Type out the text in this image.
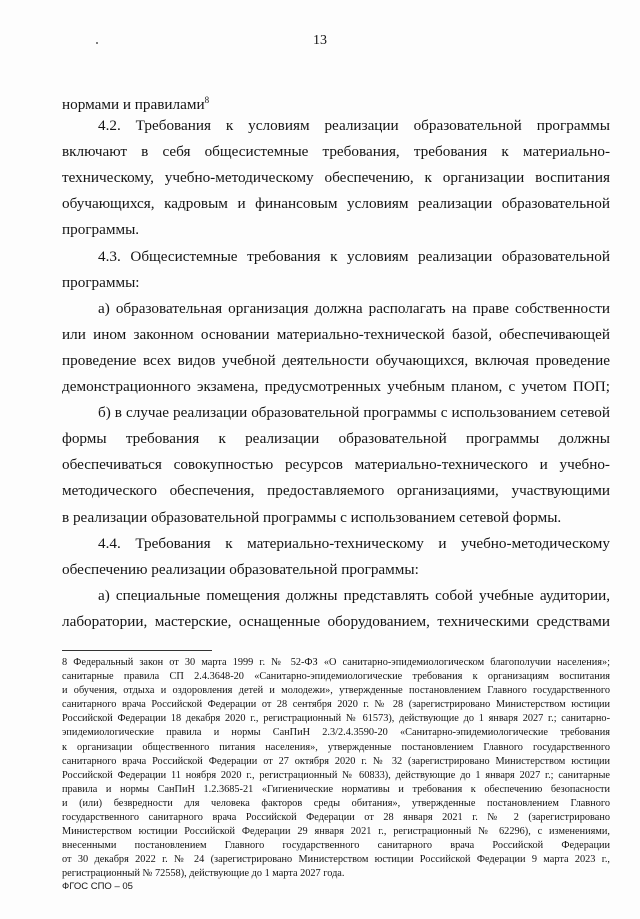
13
нормами и правилами$^8$
4.2. Требования к условиям реализации образовательной программы
включают в себя общесистемные требования, требования к материально-
техническому, учебно-методическому обеспечению, к организации воспитания
обучающихся, кадровым и финансовым условиям реализации образовательной
программы.
4.3. Общесистемные требования к условиям реализации образовательной
программы:
а) образовательная организация должна располагать на праве собственности
или ином законном основании материально-технической базой, обеспечивающей
проведение всех видов учебной деятельности обучающихся, включая проведение
демонстрационного экзамена, предусмотренных учебным планом, с учетом ПОП;
б) в случае реализации образовательной программы с использованием сетевой
формы требования к реализации образовательной программы должны
обеспечиваться совокупностью ресурсов материально-технического и учебно-
методического обеспечения, предоставляемого организациями, участвующими
в реализации образовательной программы с использованием сетевой формы.
4.4. Требования к материально-техническому и учебно-методическому
обеспечению реализации образовательной программы:
а) специальные помещения должны представлять собой учебные аудитории,
лаборатории, мастерские, оснащенные оборудованием, техническими средствами
8 Федеральный закон от 30 марта 1999 г. № 52-ФЗ «О санитарно-эпидемиологическом благополучии населения»;
санитарные правила СП 2.4.3648-20 «Санитарно-эпидемиологические требования к организациям воспитания
и обучения, отдыха и оздоровления детей и молодежи», утвержденные постановлением Главного государственного
санитарного врача Российской Федерации от 28 сентября 2020 г. № 28 (зарегистрировано Министерством юстиции
Российской Федерации 18 декабря 2020 г., регистрационный № 61573), действующие до 1 января 2027 г.; санитарно-
эпидемиологические правила и нормы СанПиН 2.3/2.4.3590-20 «Санитарно-эпидемиологические требования
к организации общественного питания населения», утвержденные постановлением Главного государственного
санитарного врача Российской Федерации от 27 октября 2020 г. № 32 (зарегистрировано Министерством юстиции
Российской Федерации 11 ноября 2020 г., регистрационный № 60833), действующие до 1 января 2027 г.; санитарные
правила и нормы СанПиН 1.2.3685-21 «Гигиенические нормативы и требования к обеспечению безопасности
и (или) безвредности для человека факторов среды обитания», утвержденные постановлением Главного
государственного санитарного врача Российской Федерации от 28 января 2021 г. № 2 (зарегистрировано
Министерством юстиции Российской Федерации 29 января 2021 г., регистрационный № 62296), с изменениями,
внесенными постановлением Главного государственного санитарного врача Российской Федерации
от 30 декабря 2022 г. № 24 (зарегистрировано Министерством юстиции Российской Федерации 9 марта 2023 г.,
регистрационный № 72558), действующие до 1 марта 2027 года.
ФГОС СПО – 05
